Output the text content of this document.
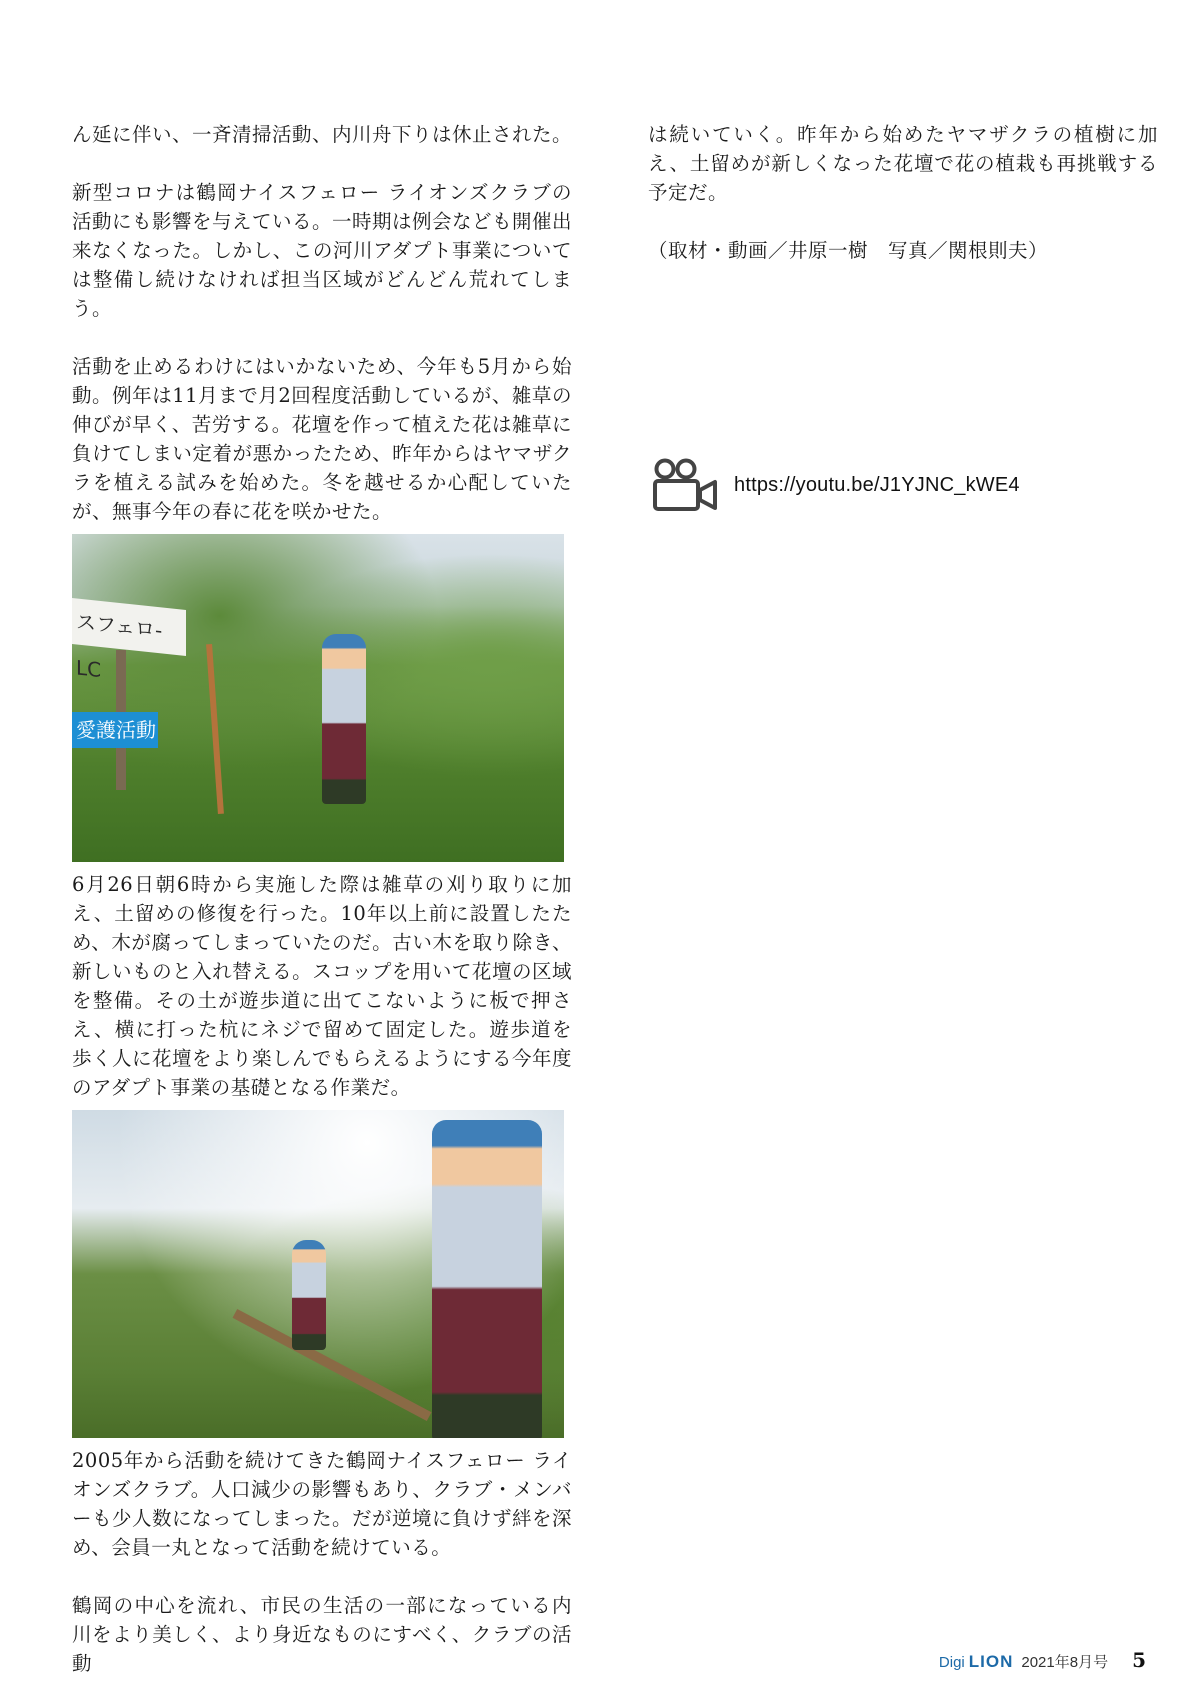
ん延に伴い、一斉清掃活動、内川舟下りは休止された。

新型コロナは鶴岡ナイスフェロー ライオンズクラブの活動にも影響を与えている。一時期は例会なども開催出来なくなった。しかし、この河川アダプト事業については整備し続けなければ担当区域がどんどん荒れてしまう。

活動を止めるわけにはいかないため、今年も5月から始動。例年は11月まで月2回程度活動しているが、雑草の伸びが早く、苦労する。花壇を作って植えた花は雑草に負けてしまい定着が悪かったため、昨年からはヤマザクラを植える試みを始めた。冬を越せるか心配していたが、無事今年の春に花を咲かせた。

スフェロ-LC
愛護活動

6月26日朝6時から実施した際は雑草の刈り取りに加え、土留めの修復を行った。10年以上前に設置したため、木が腐ってしまっていたのだ。古い木を取り除き、新しいものと入れ替える。スコップを用いて花壇の区域を整備。その土が遊歩道に出てこないように板で押さえ、横に打った杭にネジで留めて固定した。遊歩道を歩く人に花壇をより楽しんでもらえるようにする今年度のアダプト事業の基礎となる作業だ。

2005年から活動を続けてきた鶴岡ナイスフェロー ライオンズクラブ。人口減少の影響もあり、クラブ・メンバーも少人数になってしまった。だが逆境に負けず絆を深め、会員一丸となって活動を続けている。

鶴岡の中心を流れ、市民の生活の一部になっている内川をより美しく、より身近なものにすべく、クラブの活動

は続いていく。昨年から始めたヤマザクラの植樹に加え、土留めが新しくなった花壇で花の植栽も再挑戦する予定だ。

（取材・動画／井原一樹　写真／関根則夫）

https://youtu.be/J1YJNC_kWE4
Digi LION 2021年8月号 5
